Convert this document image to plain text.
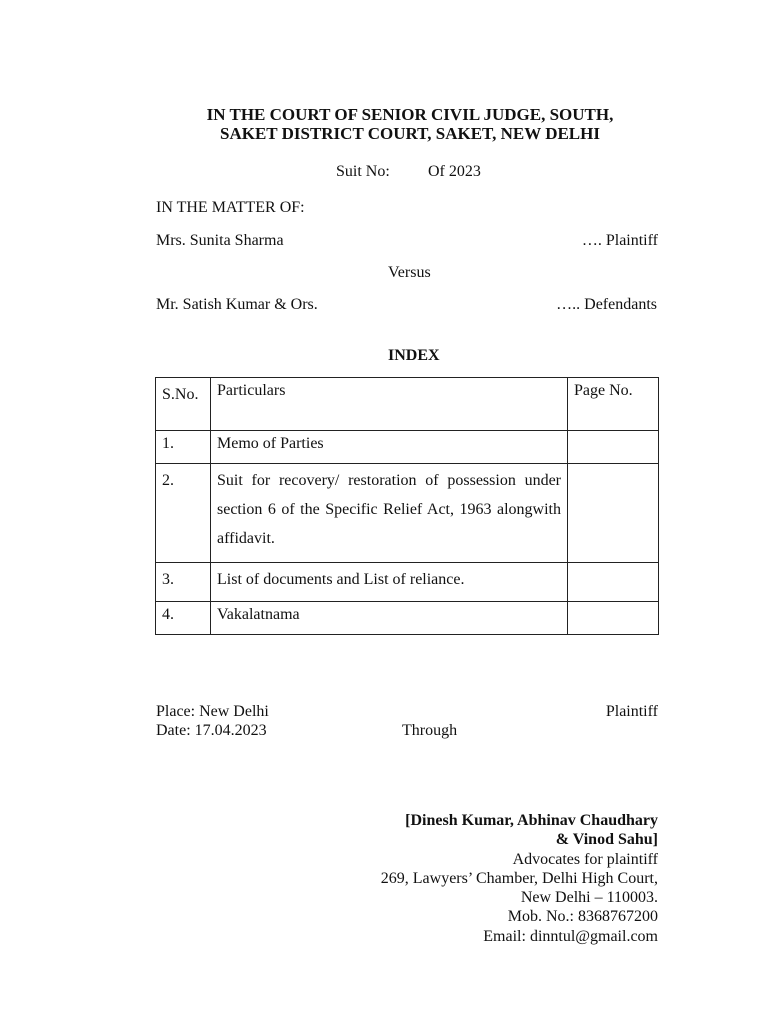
IN THE COURT OF SENIOR CIVIL JUDGE, SOUTH,
SAKET DISTRICT COURT, SAKET, NEW DELHI
Suit No: Of 2023
IN THE MATTER OF:
Mrs. Sunita Sharma	…. Plaintiff
Versus
Mr. Satish Kumar & Ors.	….. Defendants
INDEX
S.No.	Particulars	Page No.
1.	Memo of Parties	
2.	Suit for recovery/ restoration of possession under section 6 of the Specific Relief Act, 1963 alongwith affidavit.	
3.	List of documents and List of reliance.	
4.	Vakalatnama	
Place: New Delhi	Plaintiff
Date: 17.04.2023	Through
[Dinesh Kumar, Abhinav Chaudhary
& Vinod Sahu]
Advocates for plaintiff
269, Lawyers’ Chamber, Delhi High Court,
New Delhi – 110003.
Mob. No.: 8368767200
Email: dinntul@gmail.com
